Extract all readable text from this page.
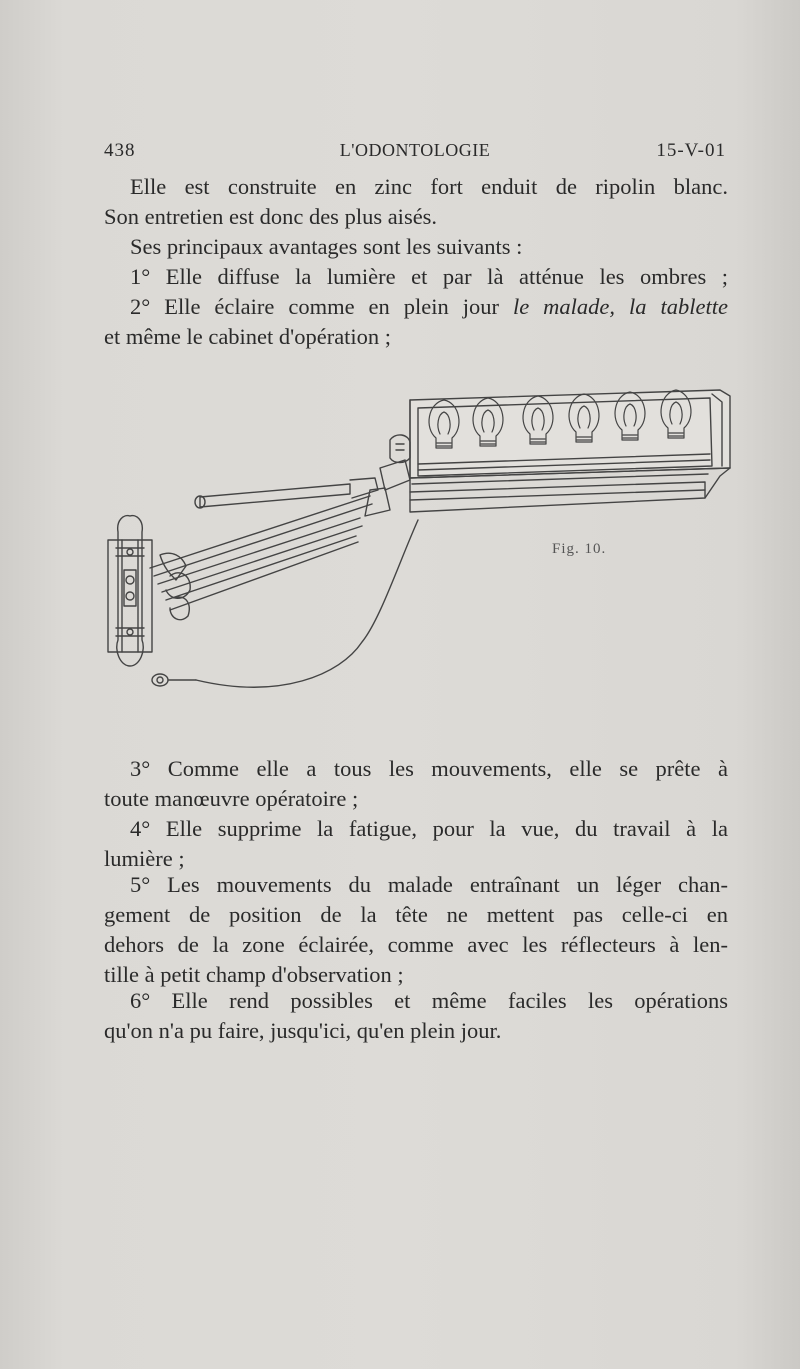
438	L'ODONTOLOGIE	15-V-01
Elle est construite en zinc fort enduit de ripolin blanc.
Son entretien est donc des plus aisés.
Ses principaux avantages sont les suivants :
1° Elle diffuse la lumière et par là atténue les ombres ;
2° Elle éclaire comme en plein jour le malade, la tablette
et même le cabinet d'opération ;
Fig. 10.
3° Comme elle a tous les mouvements, elle se prête à
toute manœuvre opératoire ;
4° Elle supprime la fatigue, pour la vue, du travail à la
lumière ;
5° Les mouvements du malade entraînant un léger chan-
gement de position de la tête ne mettent pas celle-ci en
dehors de la zone éclairée, comme avec les réflecteurs à len-
tille à petit champ d'observation ;
6° Elle rend possibles et même faciles les opérations
qu'on n'a pu faire, jusqu'ici, qu'en plein jour.
